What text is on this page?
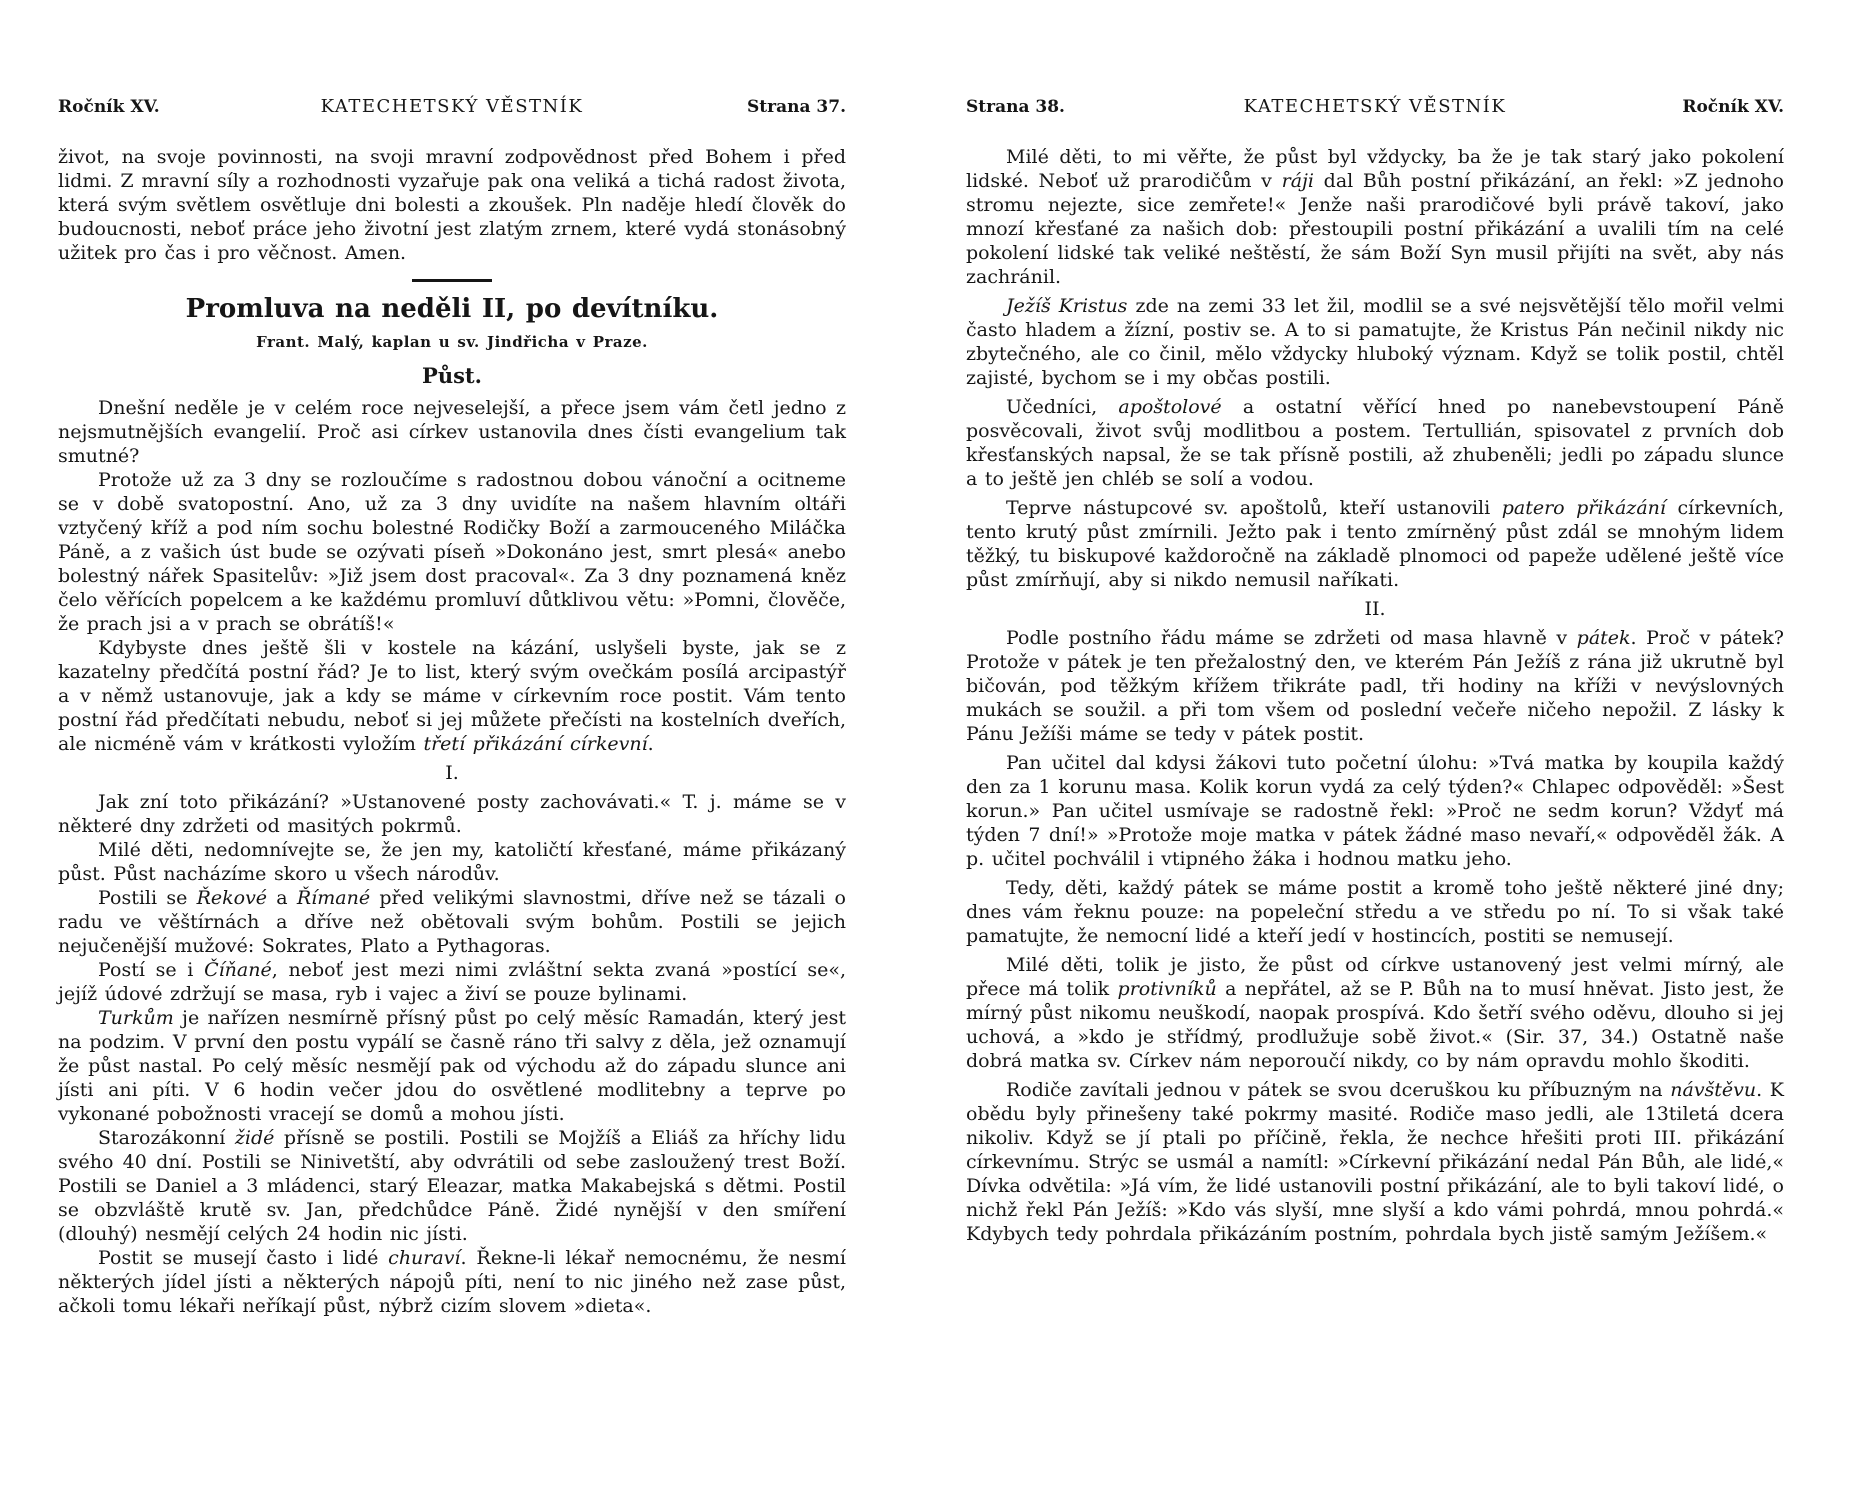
Ročník XV.	KATECHETSKÝ VĚSTNÍK	Strana 37.

život, na svoje povinnosti, na svoji mravní zodpovědnost před Bohem i před lidmi. Z mravní síly a rozhodnosti vyzařuje pak ona veliká a tichá radost života, která svým světlem osvětluje dni bolesti a zkoušek. Pln naděje hledí člověk do budoucnosti, neboť práce jeho životní jest zlatým zrnem, které vydá stonásobný užitek pro čas i pro věčnost. Amen.

Promluva na neděli II, po devítníku.
Frant. Malý, kaplan u sv. Jindřicha v Praze.
Půst.

Dnešní neděle je v celém roce nejveselejší, a přece jsem vám četl jedno z nejsmutnějších evangelií. Proč asi církev ustanovila dnes čísti evangelium tak smutné?

Protože už za 3 dny se rozloučíme s radostnou dobou vánoční a ocitneme se v době svatopostní. Ano, už za 3 dny uvidíte na našem hlavním oltáři vztyčený kříž a pod ním sochu bolestné Rodičky Boží a zarmouceného Miláčka Páně, a z vašich úst bude se ozývati píseň »Dokonáno jest, smrt plesá« anebo bolestný nářek Spasitelův: »Již jsem dost pracoval«. Za 3 dny poznamená kněz čelo věřících popelcem a ke každému promluví důtklivou větu: »Pomni, člověče, že prach jsi a v prach se obrátíš!«

Kdybyste dnes ještě šli v kostele na kázání, uslyšeli byste, jak se z kazatelny předčítá postní řád? Je to list, který svým ovečkám posílá arcipastýř a v němž ustanovuje, jak a kdy se máme v církevním roce postit. Vám tento postní řád předčítati nebudu, neboť si jej můžete přečísti na kostelních dveřích, ale nicméně vám v krátkosti vyložím třetí přikázání církevní.

I.

Jak zní toto přikázání? »Ustanovené posty zachovávati.« T. j. máme se v některé dny zdržeti od masitých pokrmů.

Milé děti, nedomnívejte se, že jen my, katoličtí křesťané, máme přikázaný půst. Půst nacházíme skoro u všech národův.

Postili se Řekové a Římané před velikými slavnostmi, dříve než se tázali o radu ve věštírnách a dříve než obětovali svým bohům. Postili se jejich nejučenější mužové: Sokrates, Plato a Pythagoras.

Postí se i Číňané, neboť jest mezi nimi zvláštní sekta zvaná »postící se«, jejíž údové zdržují se masa, ryb i vajec a živí se pouze bylinami.

Turkům je nařízen nesmírně přísný půst po celý měsíc Ramadán, který jest na podzim. V první den postu vypálí se časně ráno tři salvy z děla, jež oznamují že půst nastal. Po celý měsíc nesmějí pak od východu až do západu slunce ani jísti ani píti. V 6 hodin večer jdou do osvětlené modlitebny a teprve po vykonané pobožnosti vracejí se domů a mohou jísti.

Starozákonní židé přísně se postili. Postili se Mojžíš a Eliáš za hříchy lidu svého 40 dní. Postili se Ninivetští, aby odvrátili od sebe zasloužený trest Boží. Postili se Daniel a 3 mládenci, starý Eleazar, matka Makabejská s dětmi. Postil se obzvláště krutě sv. Jan, předchůdce Páně. Židé nynější v den smíření (dlouhý) nesmějí celých 24 hodin nic jísti.

Postit se musejí často i lidé churaví. Řekne-li lékař nemocnému, že nesmí některých jídel jísti a některých nápojů píti, není to nic jiného než zase půst, ačkoli tomu lékaři neříkají půst, nýbrž cizím slovem »dieta«.

Strana 38.	KATECHETSKÝ VĚSTNÍK	Ročník XV.

Milé děti, to mi věřte, že půst byl vždycky, ba že je tak starý jako pokolení lidské. Neboť už prarodičům v ráji dal Bůh postní přikázání, an řekl: »Z jednoho stromu nejezte, sice zemřete!« Jenže naši prarodičové byli právě takoví, jako mnozí křesťané za našich dob: přestoupili postní přikázání a uvalili tím na celé pokolení lidské tak veliké neštěstí, že sám Boží Syn musil přijíti na svět, aby nás zachránil.

Ježíš Kristus zde na zemi 33 let žil, modlil se a své nejsvětější tělo mořil velmi často hladem a žízní, postiv se. A to si pamatujte, že Kristus Pán nečinil nikdy nic zbytečného, ale co činil, mělo vždycky hluboký význam. Když se tolik postil, chtěl zajisté, bychom se i my občas postili.

Učedníci, apoštolové a ostatní věřící hned po nanebevstoupení Páně posvěcovali, život svůj modlitbou a postem. Tertullián, spisovatel z prvních dob křesťanských napsal, že se tak přísně postili, až zhubeněli; jedli po západu slunce a to ještě jen chléb se solí a vodou.

Teprve nástupcové sv. apoštolů, kteří ustanovili patero přikázání církevních, tento krutý půst zmírnili. Ježto pak i tento zmírněný půst zdál se mnohým lidem těžký, tu biskupové každoročně na základě plnomoci od papeže udělené ještě více půst zmírňují, aby si nikdo nemusil naříkati.

II.

Podle postního řádu máme se zdržeti od masa hlavně v pátek. Proč v pátek? Protože v pátek je ten přežalostný den, ve kterém Pán Ježíš z rána již ukrutně byl bičován, pod těžkým křížem třikráte padl, tři hodiny na kříži v nevýslovných mukách se soužil. a při tom všem od poslední večeře ničeho nepožil. Z lásky k Pánu Ježíši máme se tedy v pátek postit.

Pan učitel dal kdysi žákovi tuto početní úlohu: »Tvá matka by koupila každý den za 1 korunu masa. Kolik korun vydá za celý týden?« Chlapec odpověděl: »Šest korun.» Pan učitel usmívaje se radostně řekl: »Proč ne sedm korun? Vždyť má týden 7 dní!» »Protože moje matka v pátek žádné maso nevaří,« odpověděl žák. A p. učitel pochválil i vtipného žáka i hodnou matku jeho.

Tedy, děti, každý pátek se máme postit a kromě toho ještě některé jiné dny; dnes vám řeknu pouze: na popeleční středu a ve středu po ní. To si však také pamatujte, že nemocní lidé a kteří jedí v hostincích, postiti se nemusejí.

Milé děti, tolik je jisto, že půst od církve ustanovený jest velmi mírný, ale přece má tolik protivníků a nepřátel, až se P. Bůh na to musí hněvat. Jisto jest, že mírný půst nikomu neuškodí, naopak prospívá. Kdo šetří svého oděvu, dlouho si jej uchová, a »kdo je střídmý, prodlužuje sobě život.« (Sir. 37, 34.) Ostatně naše dobrá matka sv. Církev nám neporoučí nikdy, co by nám opravdu mohlo škoditi.

Rodiče zavítali jednou v pátek se svou dceruškou ku příbuzným na návštěvu. K obědu byly přinešeny také pokrmy masité. Rodiče maso jedli, ale 13tiletá dcera nikoliv. Když se jí ptali po příčině, řekla, že nechce hřešiti proti III. přikázání církevnímu. Strýc se usmál a namítl: »Církevní přikázání nedal Pán Bůh, ale lidé,« Dívka odvětila: »Já vím, že lidé ustanovili postní přikázání, ale to byli takoví lidé, o nichž řekl Pán Ježíš: »Kdo vás slyší, mne slyší a kdo vámi pohrdá, mnou pohrdá.« Kdybych tedy pohrdala přikázáním postním, pohrdala bych jistě samým Ježíšem.«
